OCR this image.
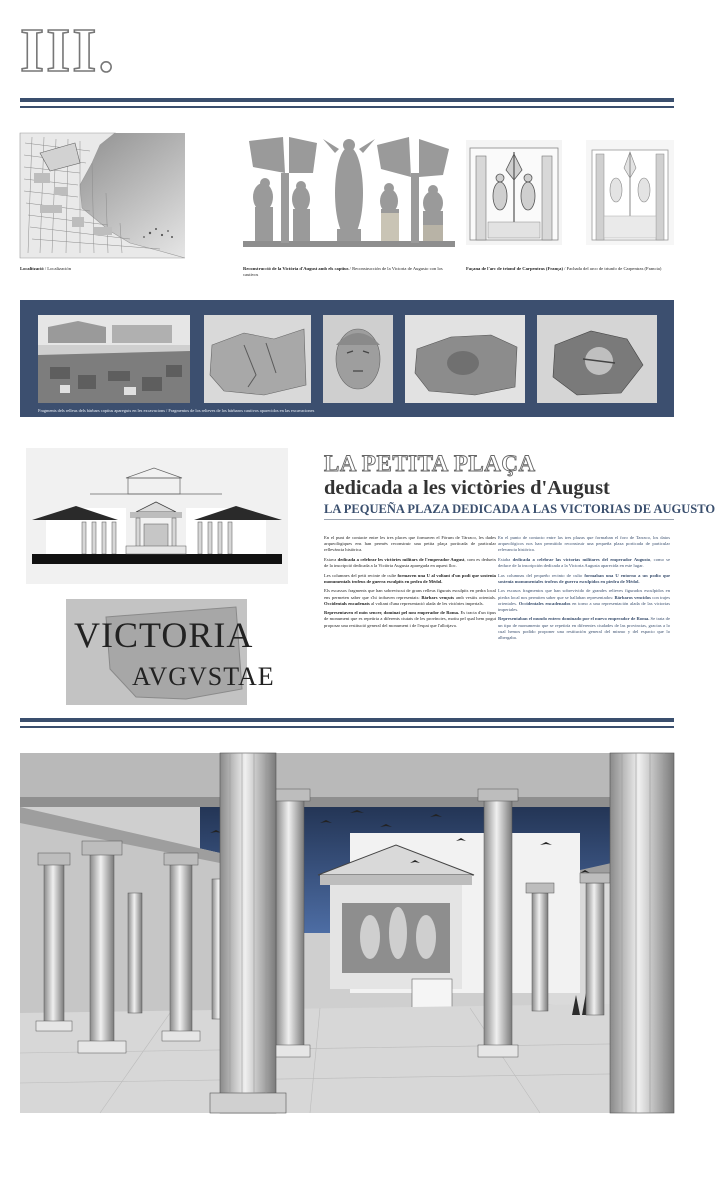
III.
Localització / Localización	Reconstrucció de la Victòria d'August amb els captius / Reconstrucción de la Victoria de Augusto con los cautivos
Façana de l'arc de triomf de Carpentras (França) / Fachada del arco de triunfo de Carpentras (Francia)
Fragments dels relleus dels bàrbars captius apareguts en les excavacions / Fragmentos de los relieves de los bárbaros cautivos aparecidos en las excavaciones
VICTORIA
AVGVSTAE
LA PETITA PLAÇA
dedicada a les victòries d'August
LA PEQUEÑA PLAZA DEDICADA A LAS VICTORIAS DE AUGUSTO

En el punt de contacte entre les tres places que formaven el Fòrum de Tàrraco, les dades arqueològiques ens han permès reconstruir una petita plaça porticada de particular rellevància històrica.

Estava dedicada a celebrar les victòries militars de l'emperador August, com es dedueix de la inscripció dedicada a la Victòria Augusta apareguda en aquest lloc.

Les columnes del petit recinte de culte formaven una U al voltant d'un podi que sostenia monumentals trofeus de guerra esculpits en pedra de Mèdol.

Els escassos fragments que han sobreviscut de grans relleus figurats esculpits en pedra local ens permeten saber que s'hi trobaven representats: Bàrbars vençuts amb vestits orientals. Occidentals encadenats al voltant d'una representació alada de les victòries imperials.

Representaven el món sencer, dominat pel nou emperador de Roma. Es tracta d'un tipus de monument que es repetiria a diferents ciutats de les províncies, motiu pel qual hem pogut proposar una restitució general del monument i de l'espai que l'allotjava.

En el punto de contacto entre las tres plazas que formaban el foro de Tarraco, los datos arqueológicos nos han permitido reconstruir una pequeña plaza porticada de particular relevancia histórica.

Estaba dedicada a celebrar las victorias militares del emperador Augusto, como se deduce de la inscripción dedicada a la Victoria Augusta aparecida en este lugar.

Las columnas del pequeño recinto de culto formaban una U entorno a un podio que sostenía monumentales trofeos de guerra esculpidos en piedra de Mèdol.

Los escasos fragmentos que han sobrevivido de grandes relieves figurados esculpidos en piedra local nos permiten saber que se hallaban representados: Bárbaros vencidos con trajes orientales. Occidentales encadenados en torno a una representación alada de las victorias imperiales.

Representaban el mundo entero dominado por el nuevo emperador de Roma. Se trata de un tipo de monumento que se repetiría en diferentes ciudades de las provincias, gracias a lo cual hemos podido proponer una restitución general del mismo y del espacio que lo albergaba.
